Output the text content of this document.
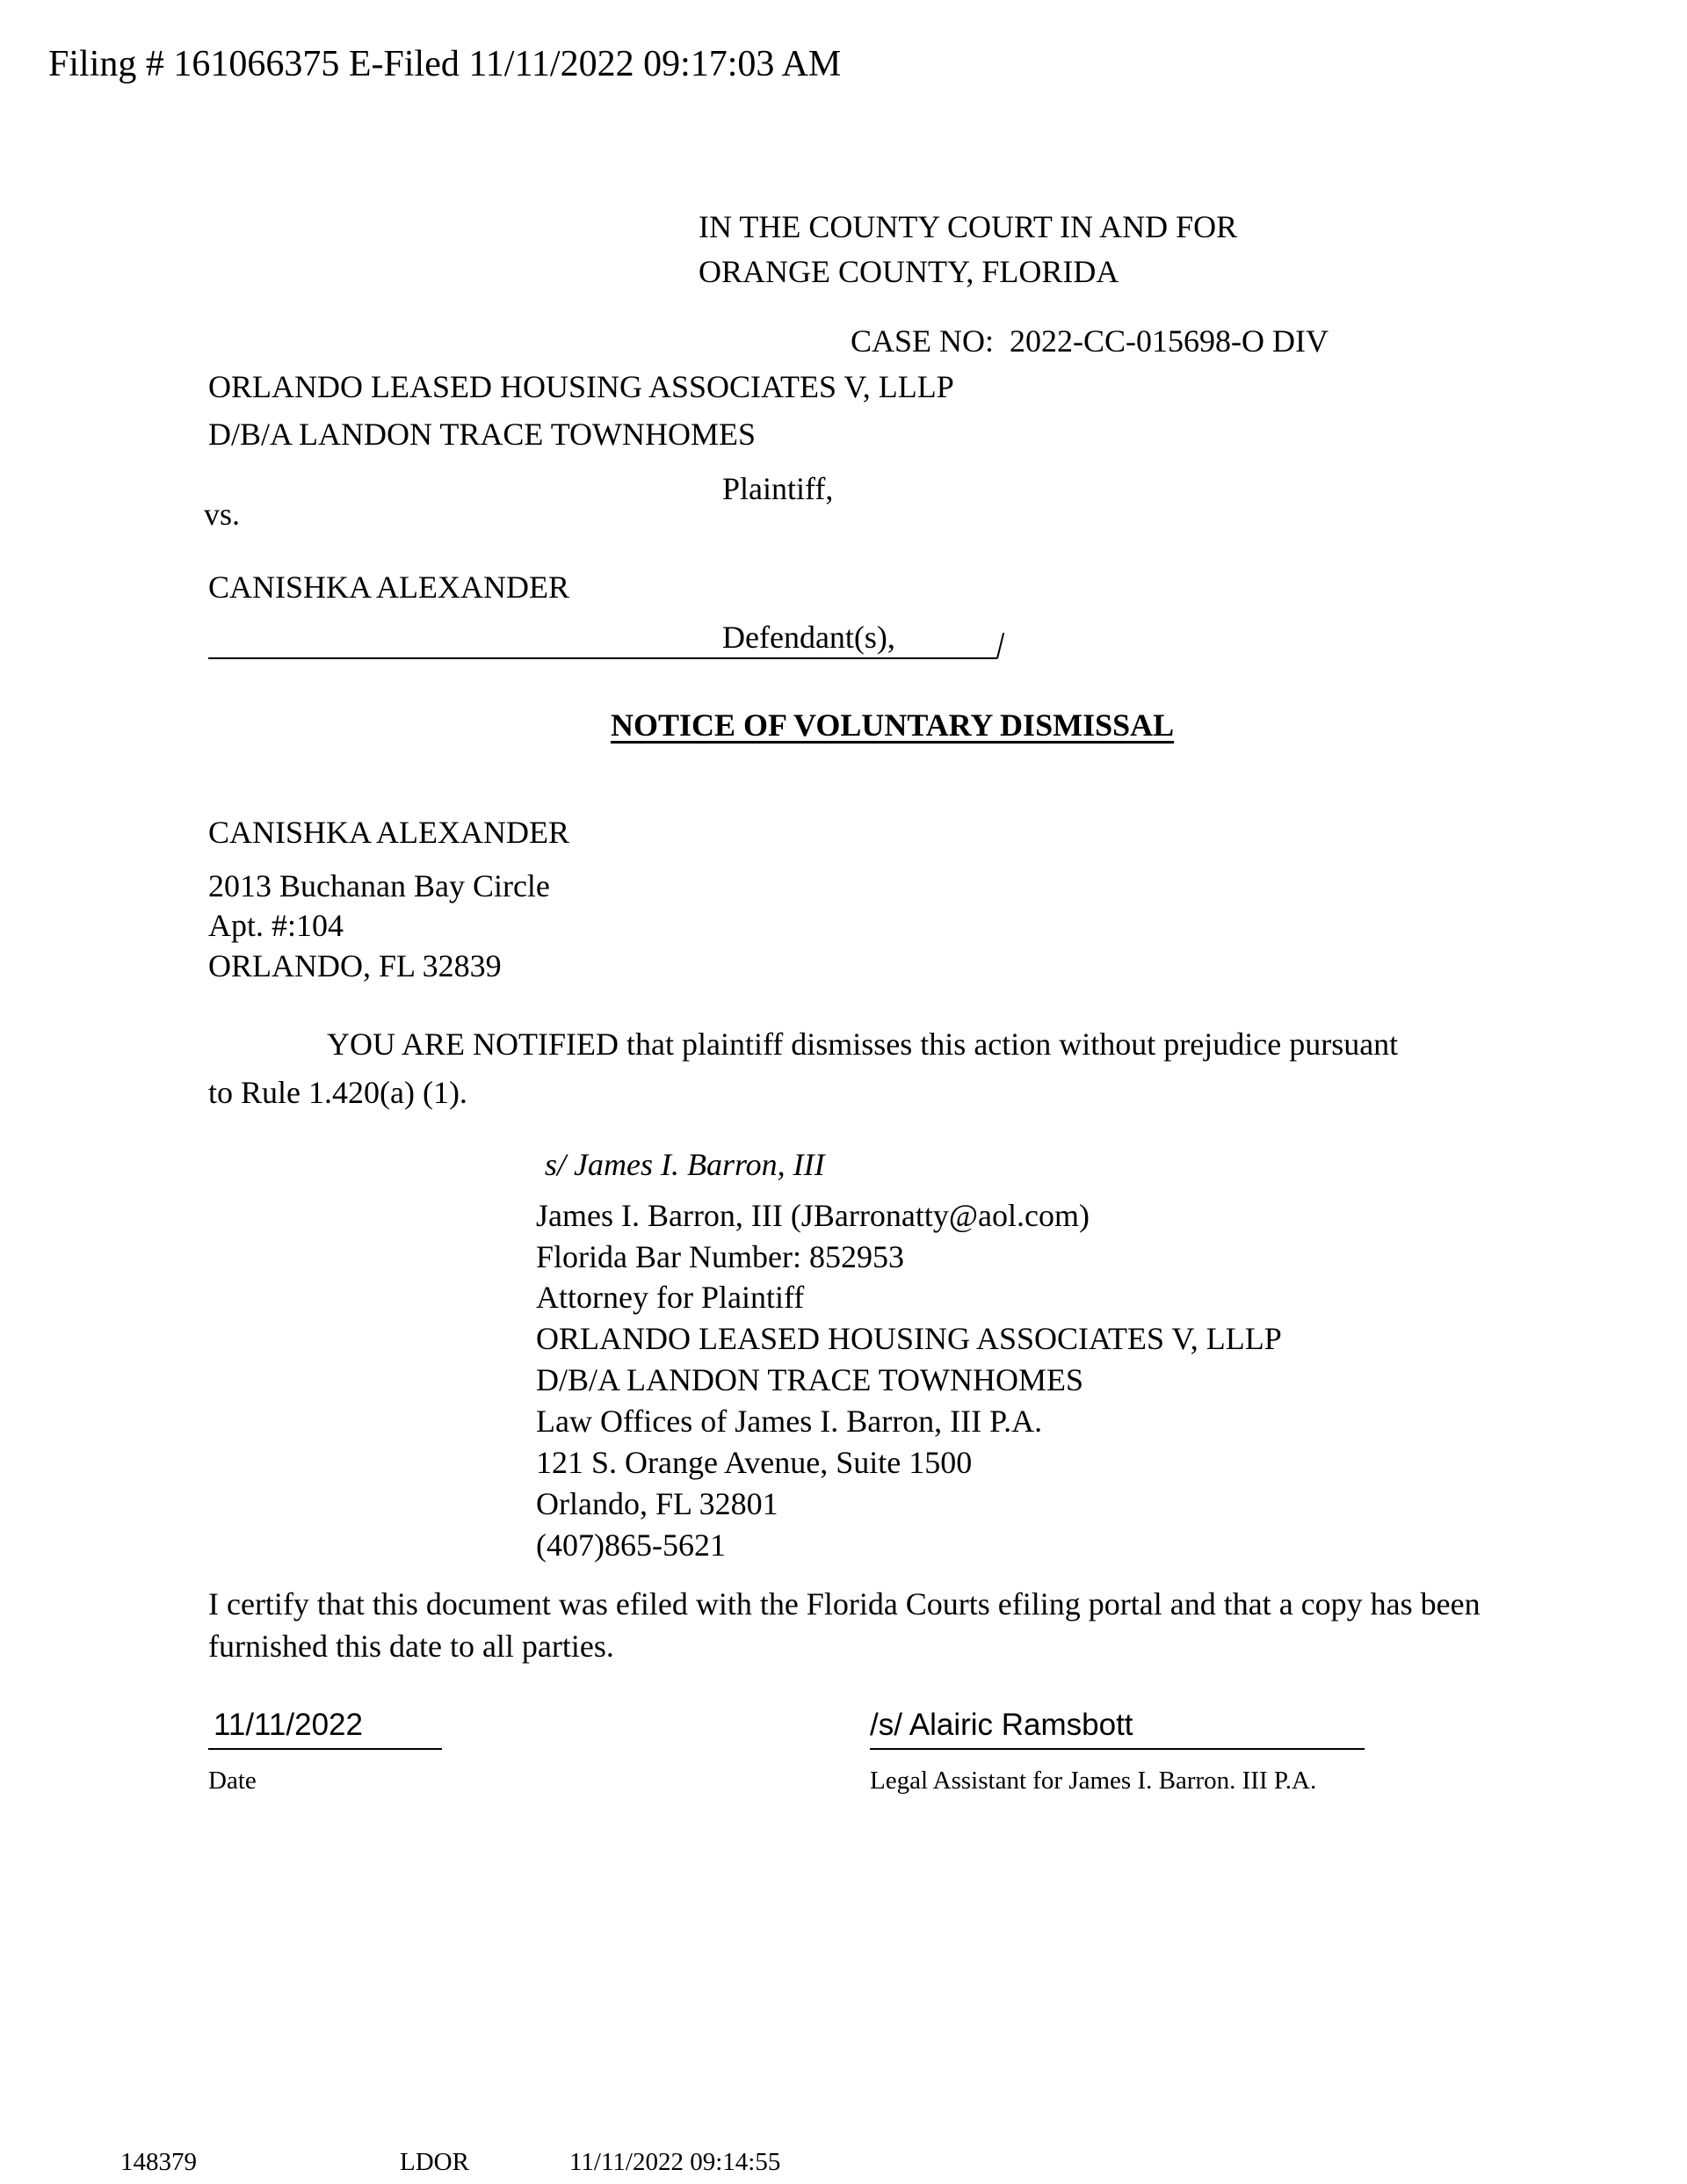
Filing # 161066375 E-Filed 11/11/2022 09:17:03 AM
IN THE COUNTY COURT IN AND FOR
ORANGE COUNTY, FLORIDA
CASE NO: 2022-CC-015698-O DIV
ORLANDO LEASED HOUSING ASSOCIATES V, LLLP
D/B/A LANDON TRACE TOWNHOMES
Plaintiff,
vs.
CANISHKA ALEXANDER
Defendant(s),
NOTICE OF VOLUNTARY DISMISSAL
CANISHKA ALEXANDER
2013 Buchanan Bay Circle
Apt. #:104
ORLANDO, FL 32839
YOU ARE NOTIFIED that plaintiff dismisses this action without prejudice pursuant
to Rule 1.420(a) (1).
s/ James I. Barron, III
James I. Barron, III (JBarronatty@aol.com)
Florida Bar Number: 852953
Attorney for Plaintiff
ORLANDO LEASED HOUSING ASSOCIATES V, LLLP
D/B/A LANDON TRACE TOWNHOMES
Law Offices of James I. Barron, III P.A.
121 S. Orange Avenue, Suite 1500
Orlando, FL 32801
(407)865-5621
I certify that this document was efiled with the Florida Courts efiling portal and that a copy has been
furnished this date to all parties.
11/11/2022
Date
/s/ Alairic Ramsbott
Legal Assistant for James I. Barron. III P.A.
148379	LDOR	11/11/2022 09:14:55
